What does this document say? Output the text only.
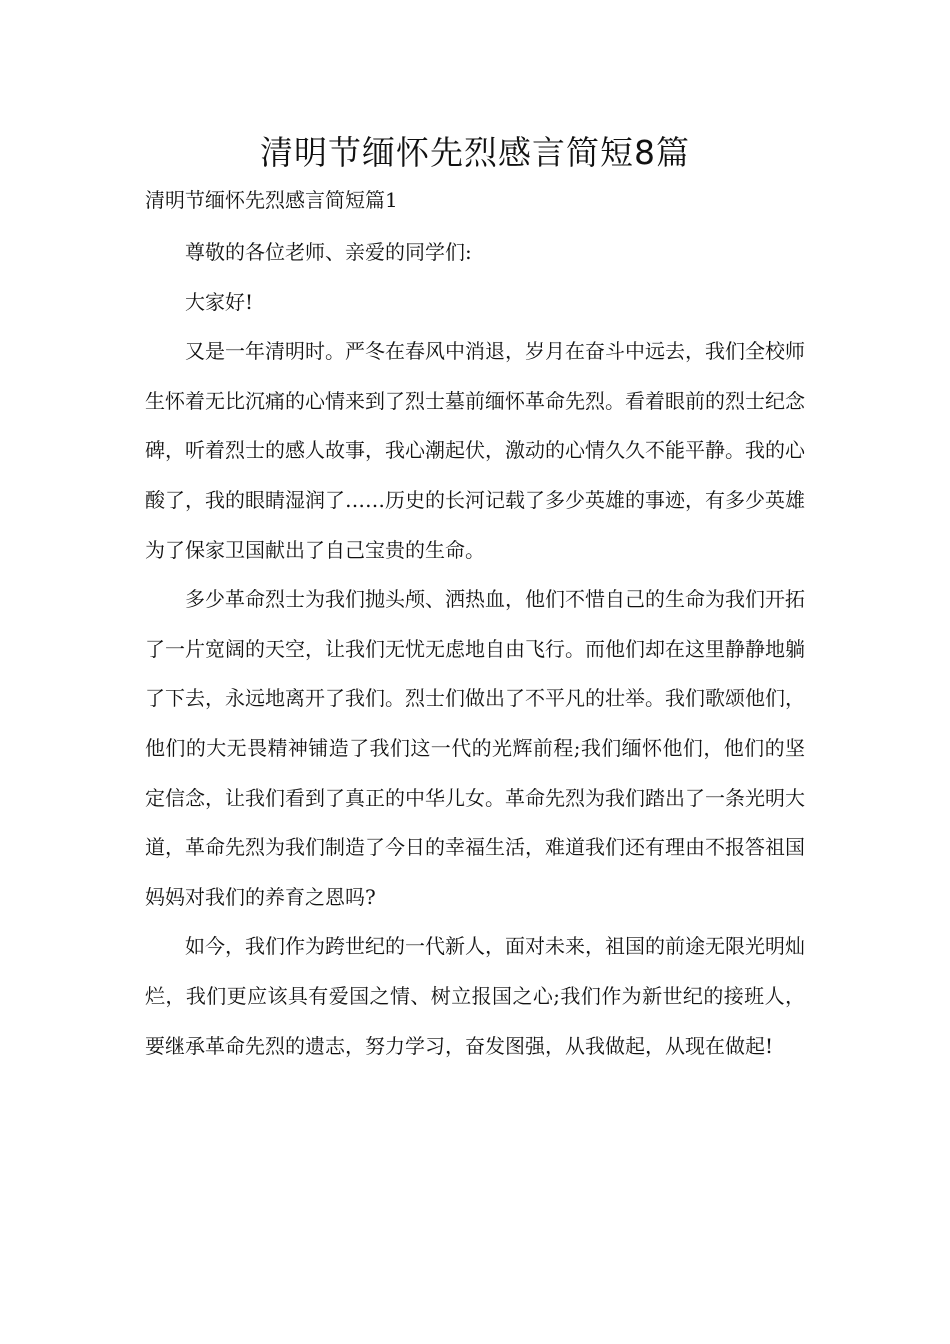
清明节缅怀先烈感言简短8篇

清明节缅怀先烈感言简短篇1

尊敬的各位老师、亲爱的同学们:

大家好!

又是一年清明时。严冬在春风中消退，岁月在奋斗中远去，我们全校师生怀着无比沉痛的心情来到了烈士墓前缅怀革命先烈。看着眼前的烈士纪念碑，听着烈士的感人故事，我心潮起伏，激动的心情久久不能平静。我的心酸了，我的眼睛湿润了……历史的长河记载了多少英雄的事迹，有多少英雄为了保家卫国献出了自己宝贵的生命。

多少革命烈士为我们抛头颅、洒热血，他们不惜自己的生命为我们开拓了一片宽阔的天空，让我们无忧无虑地自由飞行。而他们却在这里静静地躺了下去，永远地离开了我们。烈士们做出了不平凡的壮举。我们歌颂他们，他们的大无畏精神铺造了我们这一代的光辉前程;我们缅怀他们，他们的坚定信念，让我们看到了真正的中华儿女。革命先烈为我们踏出了一条光明大道，革命先烈为我们制造了今日的幸福生活，难道我们还有理由不报答祖国妈妈对我们的养育之恩吗?

如今，我们作为跨世纪的一代新人，面对未来，祖国的前途无限光明灿烂，我们更应该具有爱国之情、树立报国之心;我们作为新世纪的接班人，要继承革命先烈的遗志，努力学习，奋发图强，从我做起，从现在做起!
